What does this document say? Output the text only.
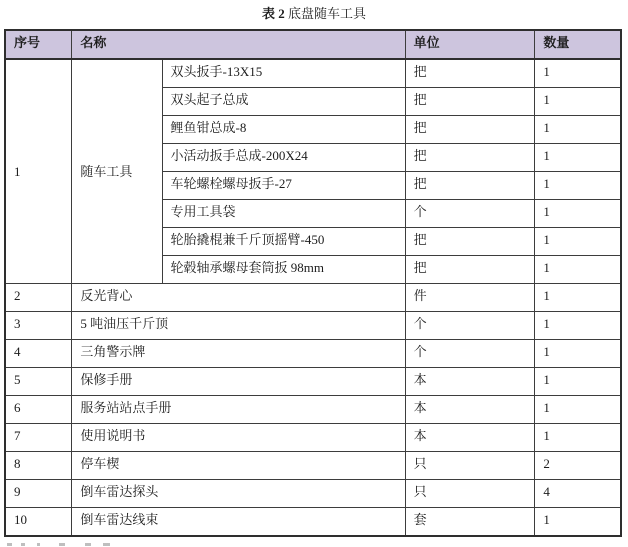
表 2 底盘随车工具
序号	名称		单位	数量
1	随车工具	双头扳手-13X15	把	1
		双头起子总成	把	1
		鲤鱼钳总成-8	把	1
		小活动扳手总成-200X24	把	1
		车轮螺栓螺母扳手-27	把	1
		专用工具袋	个	1
		轮胎撬棍兼千斤顶摇臂-450	把	1
		轮毂轴承螺母套筒扳 98mm	把	1
2	反光背心		件	1
3	5 吨油压千斤顶		个	1
4	三角警示牌		个	1
5	保修手册		本	1
6	服务站站点手册		本	1
7	使用说明书		本	1
8	停车楔		只	2
9	倒车雷达探头		只	4
10	倒车雷达线束		套	1
